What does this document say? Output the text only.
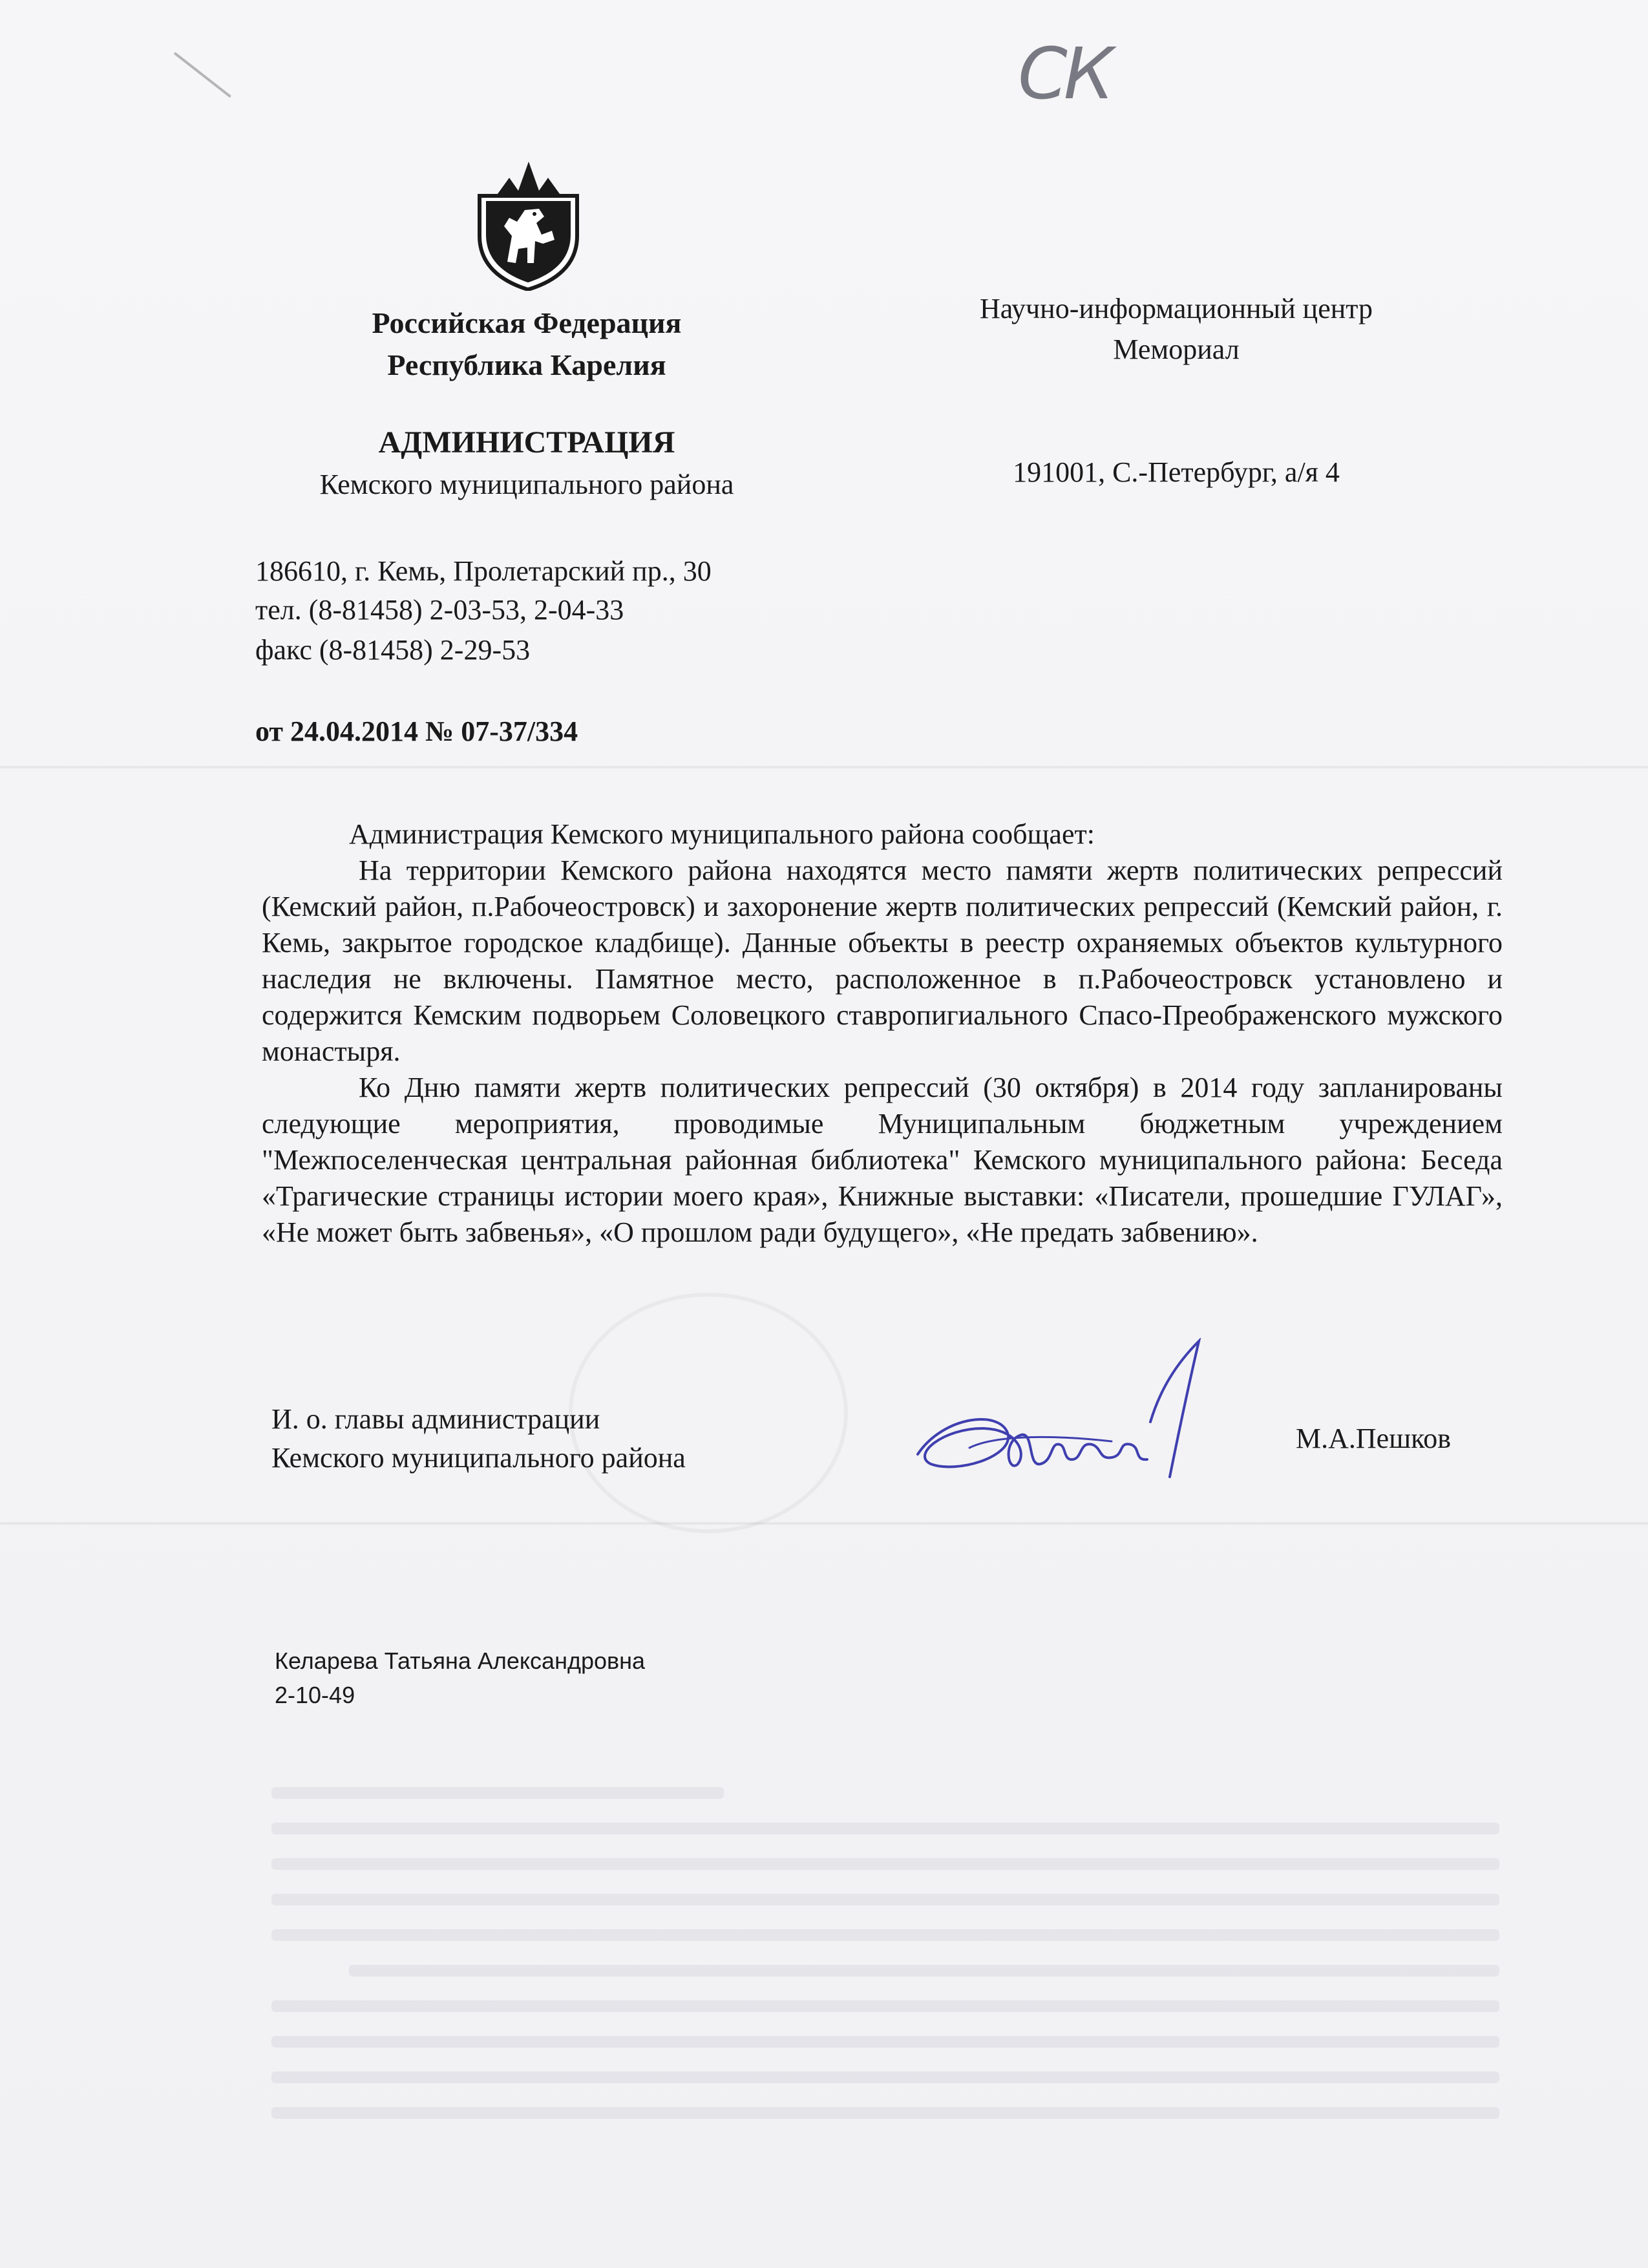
СК
Российская Федерация
Республика Карелия
АДМИНИСТРАЦИЯ
Кемского муниципального района
186610, г. Кемь, Пролетарский пр., 30
тел. (8-81458) 2-03-53, 2-04-33
факс (8-81458) 2-29-53
от 24.04.2014 № 07-37/334
Научно-информационный центр
Мемориал
191001, С.-Петербург, а/я 4

Администрация Кемского муниципального района сообщает:

На территории Кемского района находятся место памяти жертв политических репрессий (Кемский район, п.Рабочеостровск) и захоронение жертв политических репрессий (Кемский район, г. Кемь, закрытое городское кладбище). Данные объекты в реестр охраняемых объектов культурного наследия не включены. Памятное место, расположенное в п.Рабочеостровск установлено и содержится Кемским подворьем Соловецкого ставропигиального Спасо-Преображенского мужского монастыря.

Ко Дню памяти жертв политических репрессий (30 октября) в 2014 году запланированы следующие мероприятия, проводимые Муниципальным бюджетным учреждением "Межпоселенческая центральная районная библиотека" Кемского муниципального района: Беседа «Трагические страницы истории моего края», Книжные выставки: «Писатели, прошедшие ГУЛАГ», «Не может быть забвенья», «О прошлом ради будущего», «Не предать забвению».

И. о. главы администрации
Кемского муниципального района
М.А.Пешков
Келарева Татьяна Александровна
2-10-49
